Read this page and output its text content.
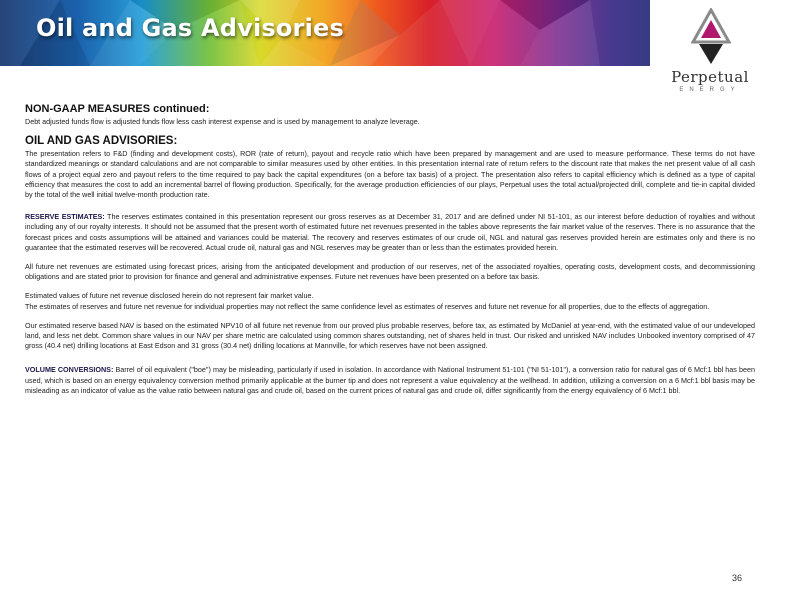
Oil and Gas Advisories
Perpetual
ENERGY
NON-GAAP MEASURES continued:

Debt adjusted funds flow is adjusted funds flow less cash interest expense and is used by management to analyze leverage.

OIL AND GAS ADVISORIES:

The presentation refers to F&D (finding and development costs), ROR (rate of return), payout and recycle ratio which have been prepared by management and are used to measure performance. These terms do not have standardized meanings or standard calculations and are not comparable to similar measures used by other entities. In this presentation internal rate of return refers to the discount rate that makes the net present value of all cash flows of a project equal zero and payout refers to the time required to pay back the capital expenditures (on a before tax basis) of a project. The presentation also refers to capital efficiency which is defined as a type of capital efficiency that measures the cost to add an incremental barrel of flowing production. Specifically, for the average production efficiencies of our plays, Perpetual uses the total actual/projected drill, complete and tie-in capital divided by the total of the well initial twelve-month production rate.

RESERVE ESTIMATES: The reserves estimates contained in this presentation represent our gross reserves as at December 31, 2017 and are defined under NI 51-101, as our interest before deduction of royalties and without including any of our royalty interests. It should not be assumed that the present worth of estimated future net revenues presented in the tables above represents the fair market value of the reserves. There is no assurance that the forecast prices and costs assumptions will be attained and variances could be material. The recovery and reserves estimates of our crude oil, NGL and natural gas reserves provided herein are estimates only and there is no guarantee that the estimated reserves will be recovered. Actual crude oil, natural gas and NGL reserves may be greater than or less than the estimates provided herein.

All future net revenues are estimated using forecast prices, arising from the anticipated development and production of our reserves, net of the associated royalties, operating costs, development costs, and decommissioning obligations and are stated prior to provision for finance and general and administrative expenses. Future net revenues have been presented on a before tax basis.

Estimated values of future net revenue disclosed herein do not represent fair market value.

The estimates of reserves and future net revenue for individual properties may not reflect the same confidence level as estimates of reserves and future net revenue for all properties, due to the effects of aggregation.

Our estimated reserve based NAV is based on the estimated NPV10 of all future net revenue from our proved plus probable reserves, before tax, as estimated by McDaniel at year-end, with the estimated value of our undeveloped land, and less net debt. Common share values in our NAV per share metric are calculated using common shares outstanding, net of shares held in trust. Our risked and unrisked NAV includes Unbooked inventory comprised of 47 gross (40.4 net) drilling locations at East Edson and 31 gross (30.4 net) drilling locations at Mannville, for which reserves have not been assigned.

VOLUME CONVERSIONS: Barrel of oil equivalent ("boe") may be misleading, particularly if used in isolation. In accordance with National Instrument 51-101 ("NI 51-101"), a conversion ratio for natural gas of 6 Mcf:1 bbl has been used, which is based on an energy equivalency conversion method primarily applicable at the burner tip and does not represent a value equivalency at the wellhead. In addition, utilizing a conversion on a 6 Mcf:1 bbl basis may be misleading as an indicator of value as the value ratio between natural gas and crude oil, based on the current prices of natural gas and crude oil, differ significantly from the energy equivalency of 6 Mcf:1 bbl.

36
